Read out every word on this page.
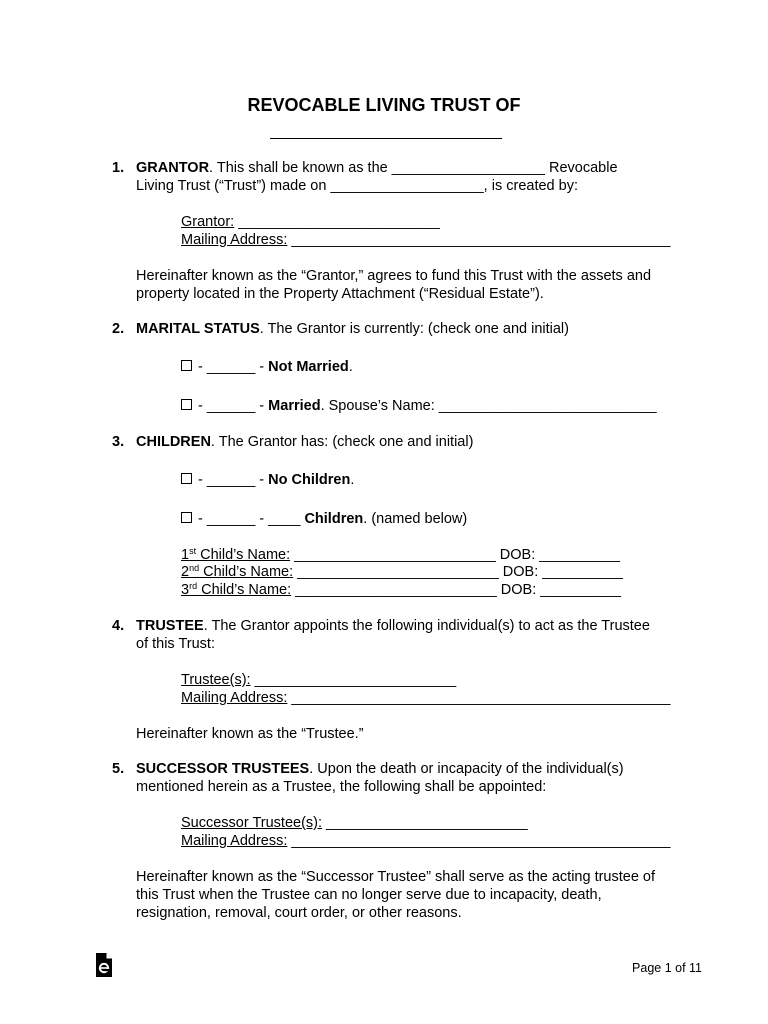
REVOCABLE LIVING TRUST OF
1. GRANTOR. This shall be known as the ___________________ Revocable
Living Trust (“Trust”) made on ___________________, is created by:
Grantor: _________________________
Mailing Address: _______________________________________________
Hereinafter known as the “Grantor,” agrees to fund this Trust with the assets and
property located in the Property Attachment (“Residual Estate”).
2. MARITAL STATUS. The Grantor is currently: (check one and initial)
- ______ - Not Married.
- ______ - Married. Spouse’s Name: ___________________________
3. CHILDREN. The Grantor has: (check one and initial)
- ______ - No Children.
- ______ - ____ Children. (named below)
1st Child’s Name: _________________________ DOB: __________
2nd Child’s Name: _________________________ DOB: __________
3rd Child’s Name: _________________________ DOB: __________
4. TRUSTEE. The Grantor appoints the following individual(s) to act as the Trustee
of this Trust:
Trustee(s): _________________________
Mailing Address: _______________________________________________
Hereinafter known as the “Trustee.”
5. SUCCESSOR TRUSTEES. Upon the death or incapacity of the individual(s)
mentioned herein as a Trustee, the following shall be appointed:
Successor Trustee(s): _________________________
Mailing Address: _______________________________________________
Hereinafter known as the “Successor Trustee” shall serve as the acting trustee of
this Trust when the Trustee can no longer serve due to incapacity, death,
resignation, removal, court order, or other reasons.
Page 1 of 11
